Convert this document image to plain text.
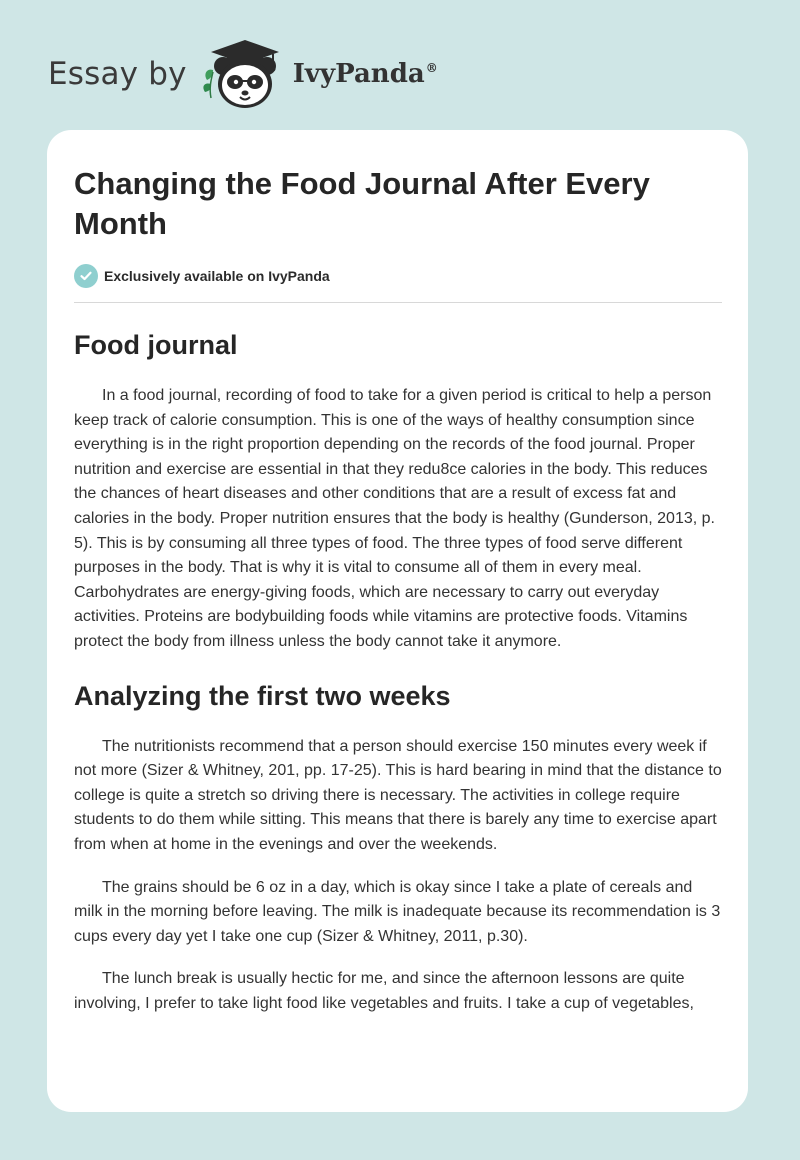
Essay by	IvyPanda®
Changing the Food Journal After Every Month
Exclusively available on IvyPanda
Food journal

In a food journal, recording of food to take for a given period is critical to help a person keep track of calorie consumption. This is one of the ways of healthy consumption since everything is in the right proportion depending on the records of the food journal. Proper nutrition and exercise are essential in that they redu8ce calories in the body. This reduces the chances of heart diseases and other conditions that are a result of excess fat and calories in the body. Proper nutrition ensures that the body is healthy (Gunderson, 2013, p. 5). This is by consuming all three types of food. The three types of food serve different purposes in the body. That is why it is vital to consume all of them in every meal. Carbohydrates are energy-giving foods, which are necessary to carry out everyday activities. Proteins are bodybuilding foods while vitamins are protective foods. Vitamins protect the body from illness unless the body cannot take it anymore.

Analyzing the first two weeks

The nutritionists recommend that a person should exercise 150 minutes every week if not more (Sizer & Whitney, 201, pp. 17-25). This is hard bearing in mind that the distance to college is quite a stretch so driving there is necessary. The activities in college require students to do them while sitting. This means that there is barely any time to exercise apart from when at home in the evenings and over the weekends.

The grains should be 6 oz in a day, which is okay since I take a plate of cereals and milk in the morning before leaving. The milk is inadequate because its recommendation is 3 cups every day yet I take one cup (Sizer & Whitney, 2011, p.30).

The lunch break is usually hectic for me, and since the afternoon lessons are quite involving, I prefer to take light food like vegetables and fruits. I take a cup of vegetables,
